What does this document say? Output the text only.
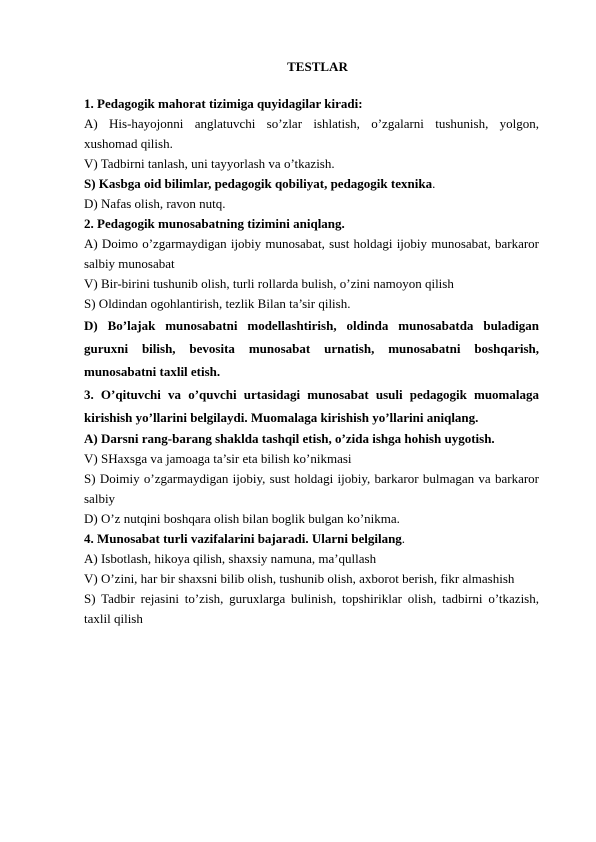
TESTLAR

1. Pedagogik mahorat tizimiga quyidagilar kiradi:

A) His-hayojonni anglatuvchi so’zlar ishlatish, o’zgalarni tushunish, yolgon, xushomad qilish.

V) Tadbirni tanlash, uni tayyorlash va o’tkazish.

S) Kasbga oid bilimlar, pedagogik qobiliyat, pedagogik texnika.

D) Nafas olish, ravon nutq.

2. Pedagogik munosabatning tizimini aniqlang.

A) Doimo o’zgarmaydigan ijobiy munosabat, sust holdagi ijobiy munosabat, barkaror salbiy munosabat

V) Bir-birini tushunib olish, turli rollarda bulish, o’zini namoyon qilish

S) Oldindan ogohlantirish, tezlik Bilan ta’sir qilish.

D) Bo’lajak munosabatni modellashtirish, oldinda munosabatda buladigan guruxni bilish, bevosita munosabat urnatish, munosabatni boshqarish, munosabatni taxlil etish.

3. O’qituvchi va o’quvchi urtasidagi munosabat usuli pedagogik muomalaga kirishish yo’llarini belgilaydi. Muomalaga kirishish yo’llarini aniqlang.

A) Darsni rang-barang shaklda tashqil etish, o’zida ishga hohish uygotish.

V) SHaxsga va jamoaga ta’sir eta bilish ko’nikmasi

S) Doimiy o’zgarmaydigan ijobiy, sust holdagi ijobiy, barkaror bulmagan va barkaror salbiy

D) O’z nutqini boshqara olish bilan boglik bulgan ko’nikma.

4. Munosabat turli vazifalarini bajaradi. Ularni belgilang.

A) Isbotlash, hikoya qilish, shaxsiy namuna, ma’qullash

V) O’zini, har bir shaxsni bilib olish, tushunib olish, axborot berish, fikr almashish

S) Tadbir rejasini to’zish, guruxlarga bulinish, topshiriklar olish, tadbirni o’tkazish, taxlil qilish
